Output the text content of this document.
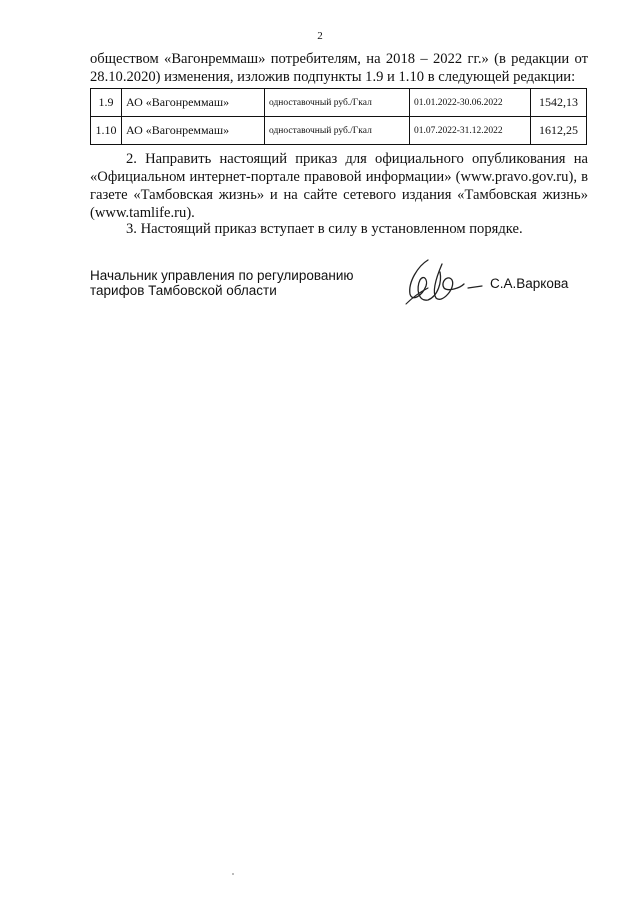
2
обществом «Вагонреммаш» потребителям, на 2018 – 2022 гг.» (в редакции от
28.10.2020) изменения, изложив подпункты 1.9 и 1.10 в следующей редакции:
1.9	АО «Вагонреммаш»	одноставочный руб./Гкал	01.01.2022-30.06.2022	1542,13
1.10	АО «Вагонреммаш»	одноставочный руб./Гкал	01.07.2022-31.12.2022	1612,25
2. Направить настоящий приказ для официального опубликования на «Официальном интернет-портале правовой информации» (www.pravo.gov.ru), в газете «Тамбовская жизнь» и на сайте сетевого издания «Тамбовская жизнь» (www.tamlife.ru).
3. Настоящий приказ вступает в силу в установленном порядке.
Начальник управления по регулированию
тарифов Тамбовской области	С.А.Варкова
